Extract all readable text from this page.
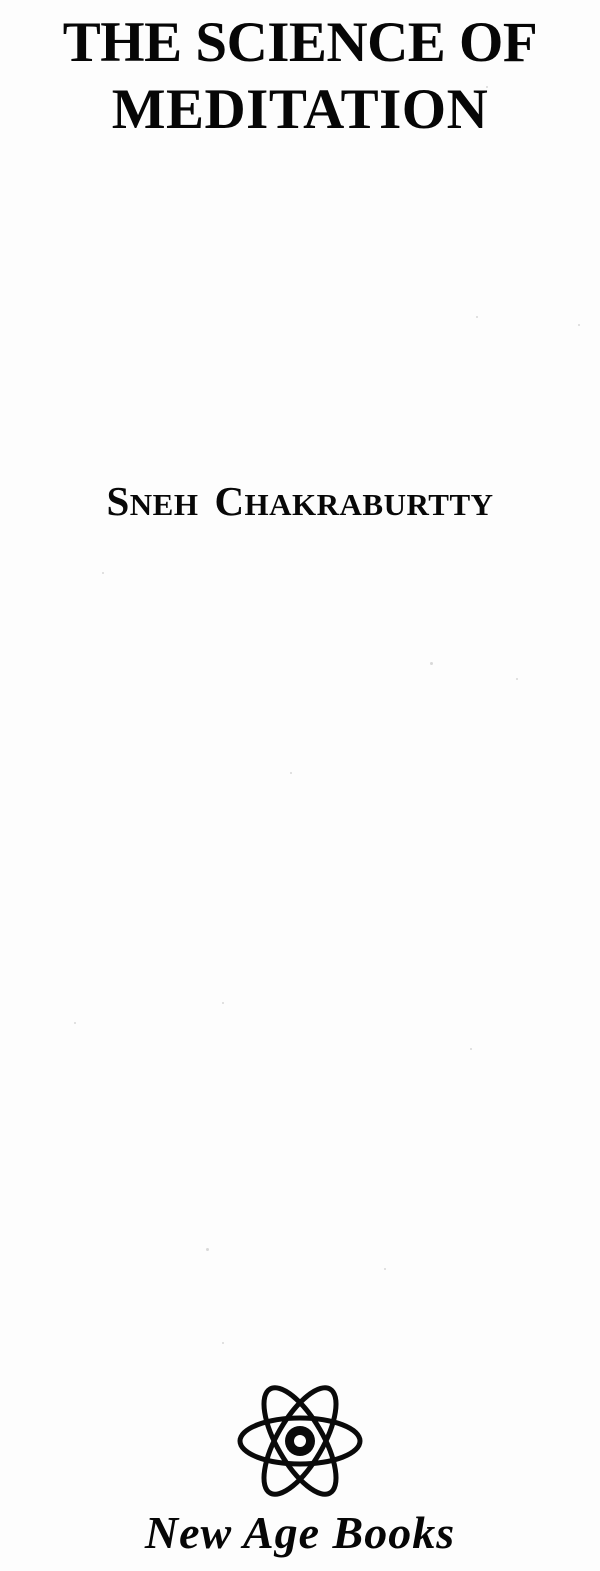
THE SCIENCE OF
MEDITATION
SNEH CHAKRABURTTY
New Age Books
